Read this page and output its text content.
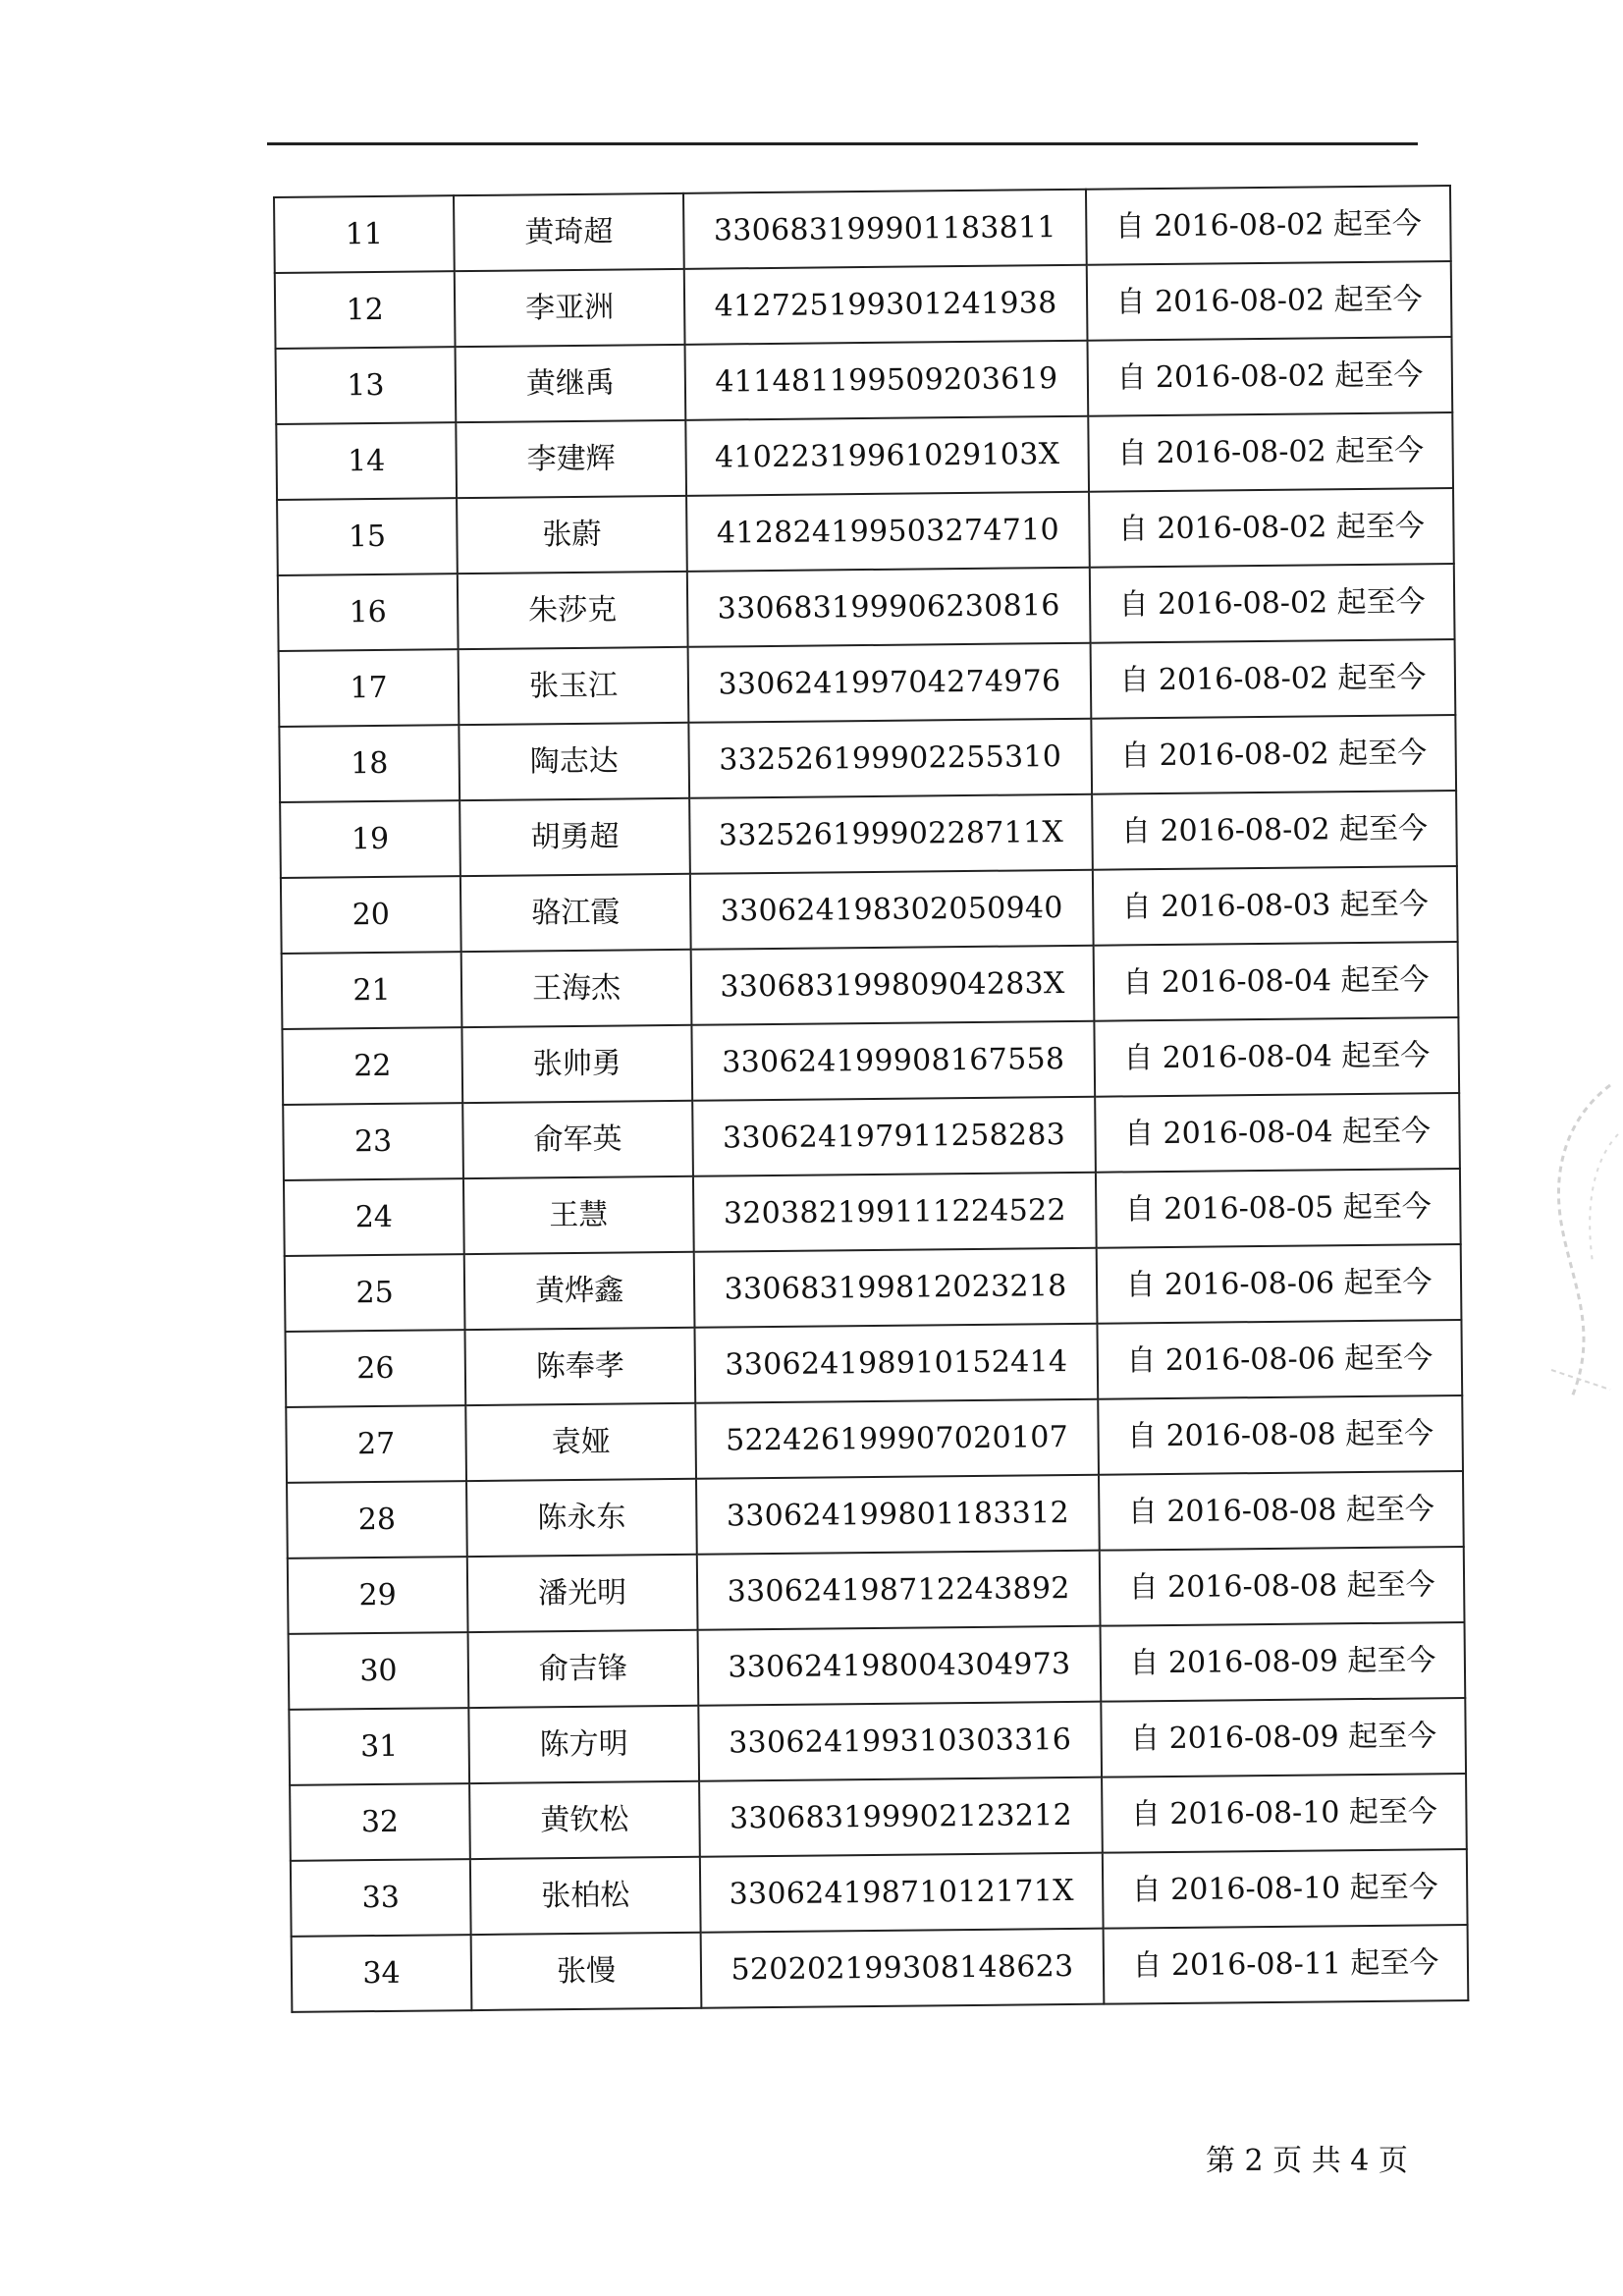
11	黄琦超	330683199901183811	自 2016-08-02 起至今
12	李亚洲	412725199301241938	自 2016-08-02 起至今
13	黄继禹	411481199509203619	自 2016-08-02 起至今
14	李建辉	41022319961029103X	自 2016-08-02 起至今
15	张蔚	412824199503274710	自 2016-08-02 起至今
16	朱莎克	330683199906230816	自 2016-08-02 起至今
17	张玉江	330624199704274976	自 2016-08-02 起至今
18	陶志达	332526199902255310	自 2016-08-02 起至今
19	胡勇超	33252619990228711X	自 2016-08-02 起至今
20	骆江霞	330624198302050940	自 2016-08-03 起至今
21	王海杰	33068319980904283X	自 2016-08-04 起至今
22	张帅勇	330624199908167558	自 2016-08-04 起至今
23	俞军英	330624197911258283	自 2016-08-04 起至今
24	王慧	320382199111224522	自 2016-08-05 起至今
25	黄烨鑫	330683199812023218	自 2016-08-06 起至今
26	陈奉孝	330624198910152414	自 2016-08-06 起至今
27	袁娅	522426199907020107	自 2016-08-08 起至今
28	陈永东	330624199801183312	自 2016-08-08 起至今
29	潘光明	330624198712243892	自 2016-08-08 起至今
30	俞吉锋	330624198004304973	自 2016-08-09 起至今
31	陈方明	330624199310303316	自 2016-08-09 起至今
32	黄钦松	330683199902123212	自 2016-08-10 起至今
33	张柏松	33062419871012171X	自 2016-08-10 起至今
34	张慢	520202199308148623	自 2016-08-11 起至今
第 2 页 共 4 页
